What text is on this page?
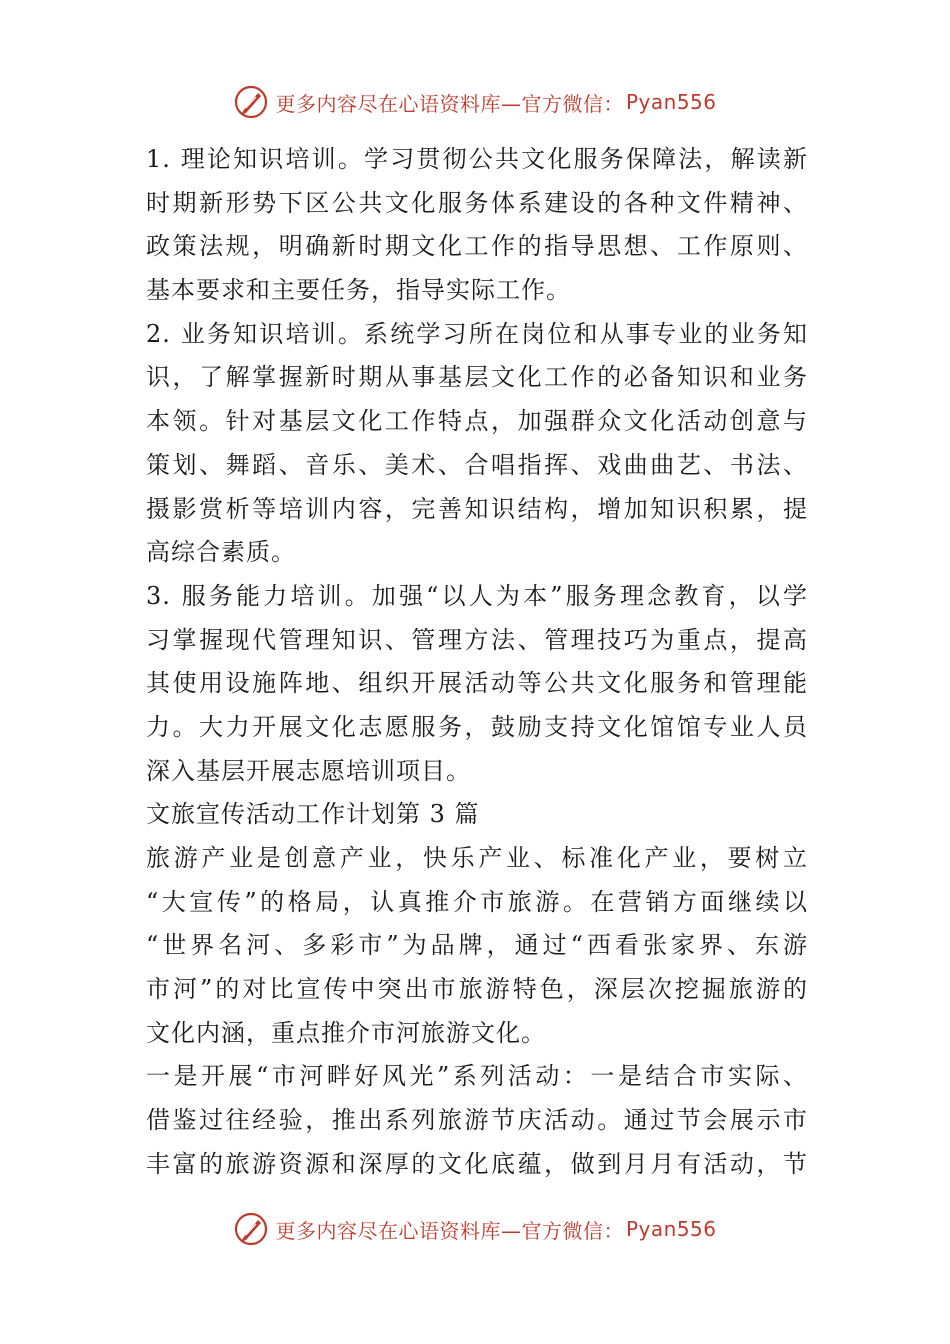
更多内容尽在心语资料库—官方微信： Pyan556
1. 理论知识培训。学习贯彻公共文化服务保障法，解读新
时期新形势下区公共文化服务体系建设的各种文件精神、
政策法规，明确新时期文化工作的指导思想、工作原则、
基本要求和主要任务，指导实际工作。
2. 业务知识培训。系统学习所在岗位和从事专业的业务知
识，了解掌握新时期从事基层文化工作的必备知识和业务
本领。针对基层文化工作特点，加强群众文化活动创意与
策划、舞蹈、音乐、美术、合唱指挥、戏曲曲艺、书法、
摄影赏析等培训内容，完善知识结构，增加知识积累，提
高综合素质。
3. 服务能力培训。加强“以人为本”服务理念教育，以学
习掌握现代管理知识、管理方法、管理技巧为重点，提高
其使用设施阵地、组织开展活动等公共文化服务和管理能
力。大力开展文化志愿服务，鼓励支持文化馆馆专业人员
深入基层开展志愿培训项目。
文旅宣传活动工作计划第 3 篇
旅游产业是创意产业，快乐产业、标准化产业，要树立
“大宣传”的格局，认真推介市旅游。在营销方面继续以
“世界名河、多彩市”为品牌，通过“西看张家界、东游
市河”的对比宣传中突出市旅游特色，深层次挖掘旅游的
文化内涵，重点推介市河旅游文化。
一是开展“市河畔好风光”系列活动：一是结合市实际、
借鉴过往经验，推出系列旅游节庆活动。通过节会展示市
丰富的旅游资源和深厚的文化底蕴，做到月月有活动，节
更多内容尽在心语资料库—官方微信： Pyan556
